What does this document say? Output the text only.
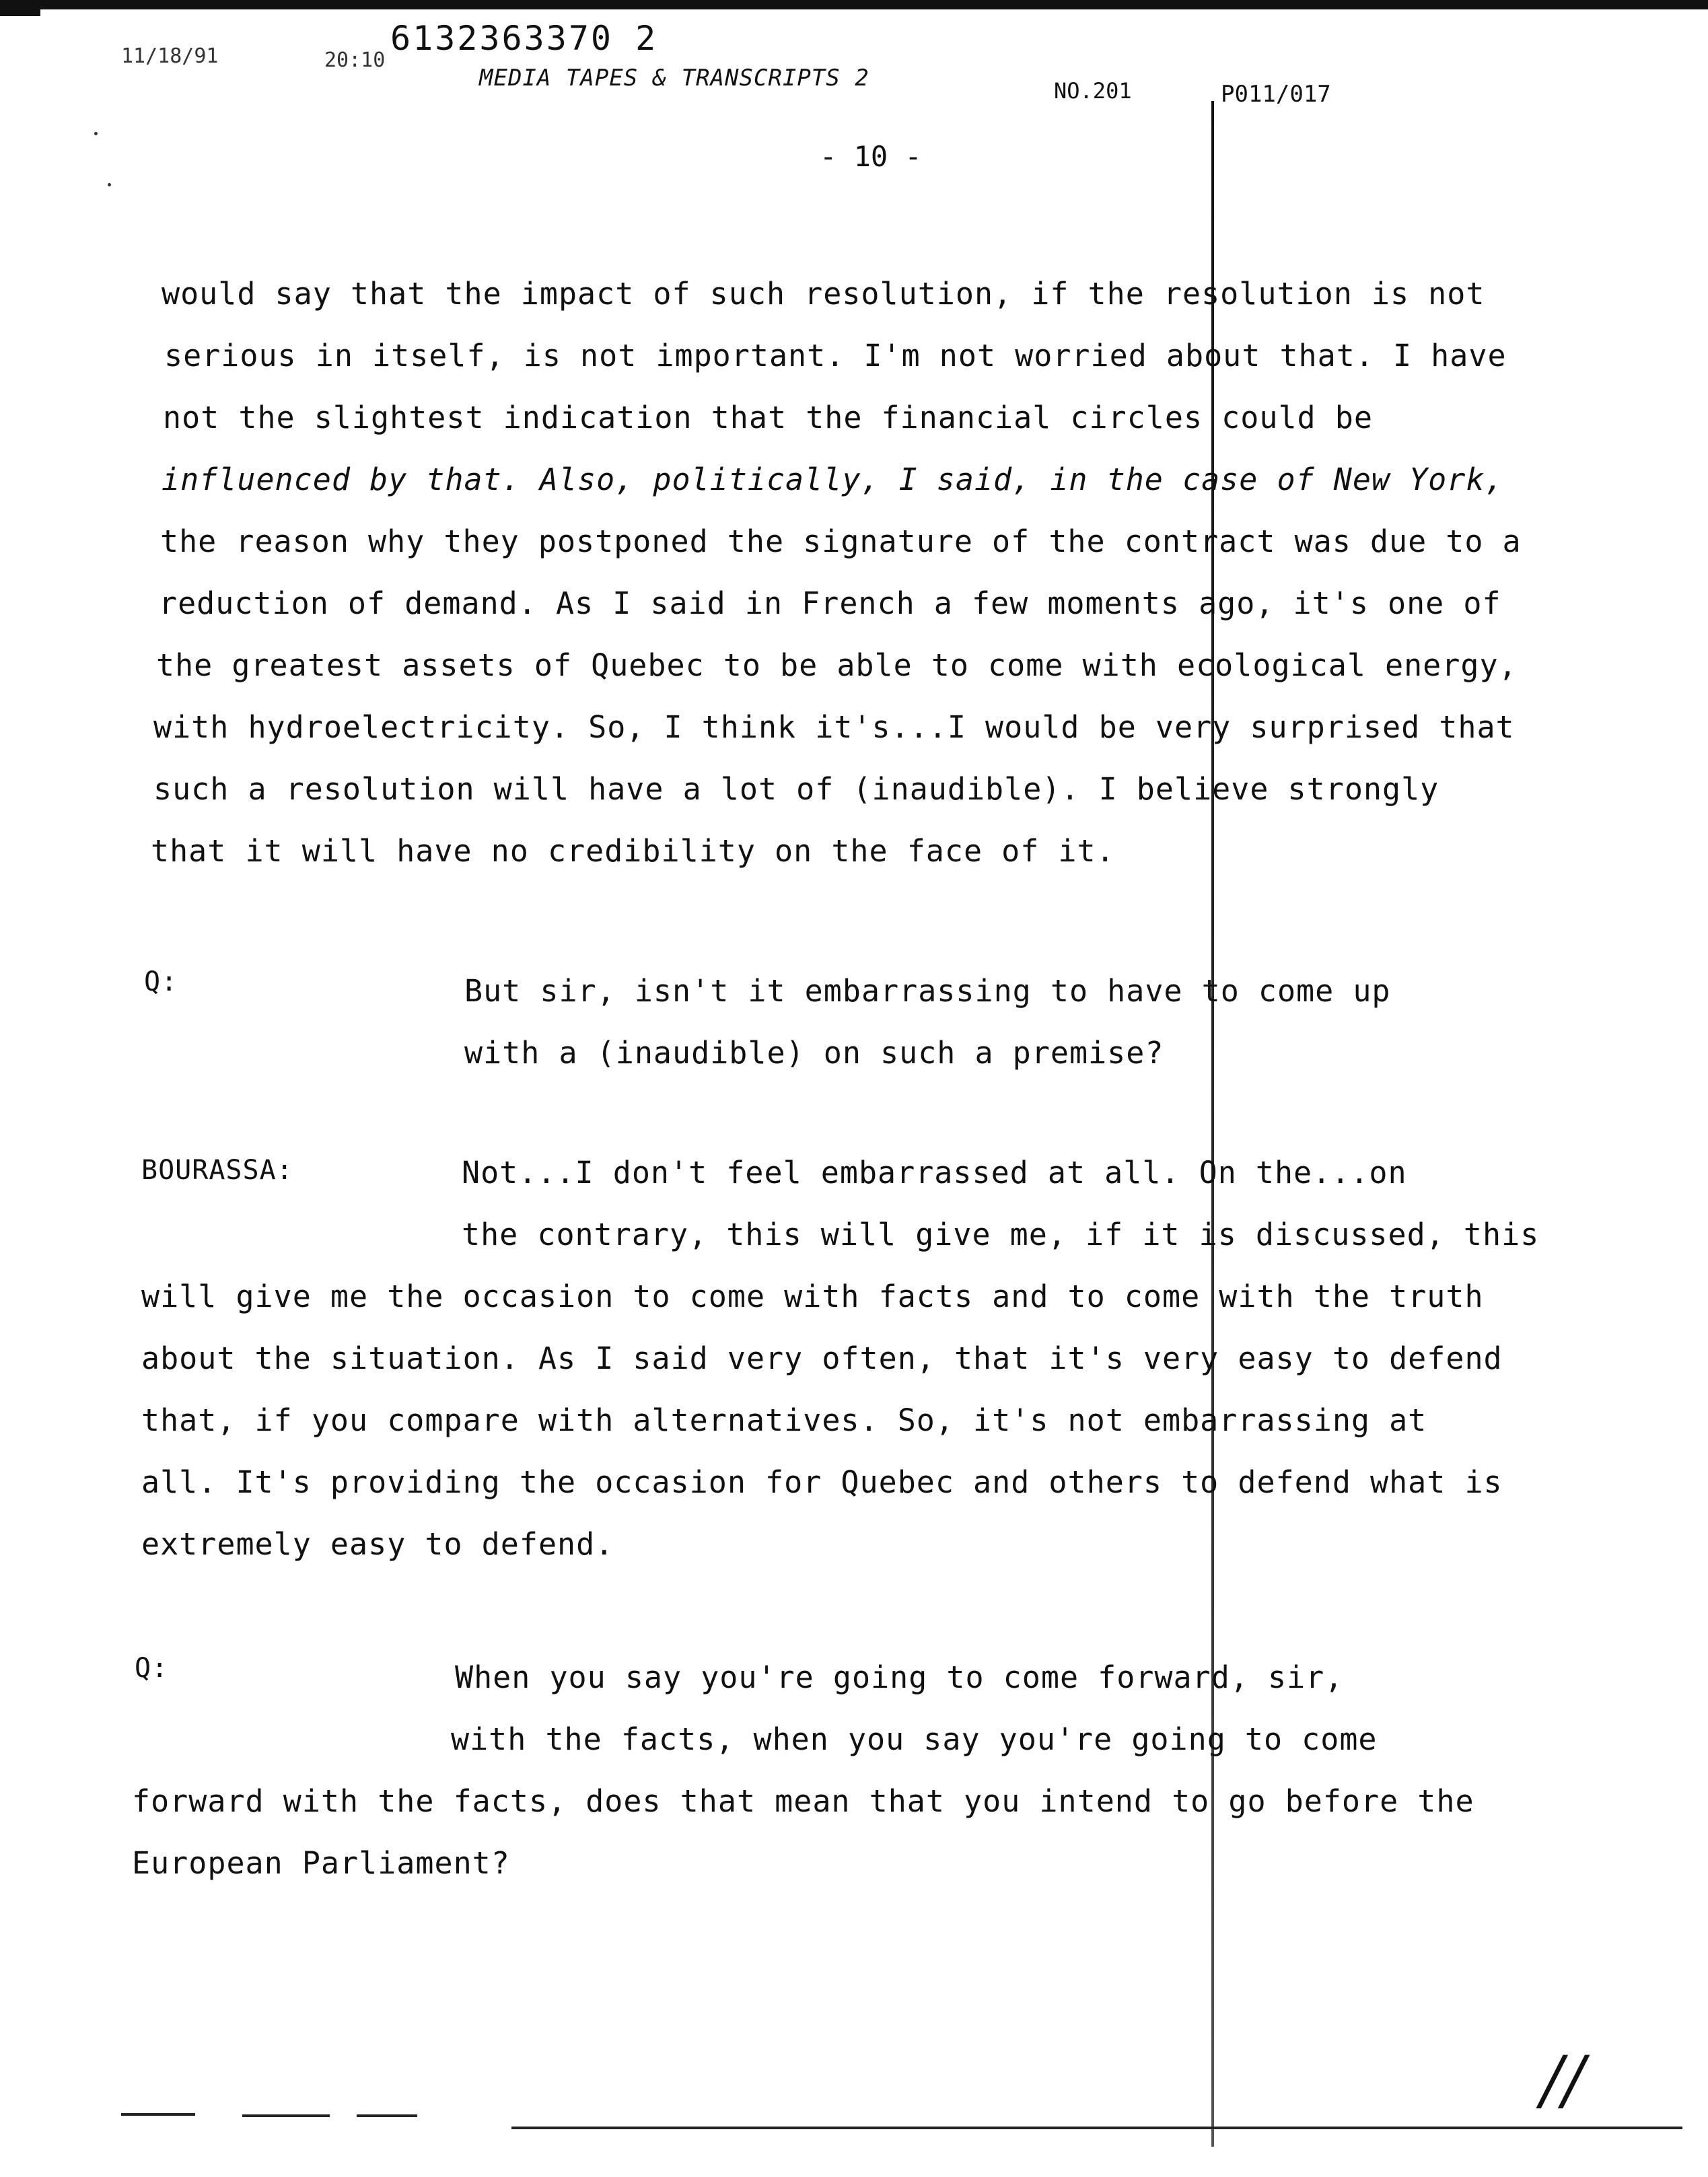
11/18/91	20:10
6132363370 2
MEDIA TAPES & TRANSCRIPTS 2	NO.201	P011/017
- 10 -
would say that the impact of such resolution, if the resolution is not
serious in itself, is not important. I'm not worried about that. I have
not the slightest indication that the financial circles could be
influenced by that. Also, politically, I said, in the case of New York,
the reason why they postponed the signature of the contract was due to a
reduction of demand. As I said in French a few moments ago, it's one of
the greatest assets of Quebec to be able to come with ecological energy,
with hydroelectricity. So, I think it's...I would be very surprised that
such a resolution will have a lot of (inaudible). I believe strongly
that it will have no credibility on the face of it.
Q:	But sir, isn't it embarrassing to have to come up
with a (inaudible) on such a premise?
BOURASSA:	Not...I don't feel embarrassed at all. On the...on
the contrary, this will give me, if it is discussed, this
will give me the occasion to come with facts and to come with the truth
about the situation. As I said very often, that it's very easy to defend
that, if you compare with alternatives. So, it's not embarrassing at
all. It's providing the occasion for Quebec and others to defend what is
extremely easy to defend.
Q:	When you say you're going to come forward, sir,
with the facts, when you say you're going to come
forward with the facts, does that mean that you intend to go before the
European Parliament?
//
